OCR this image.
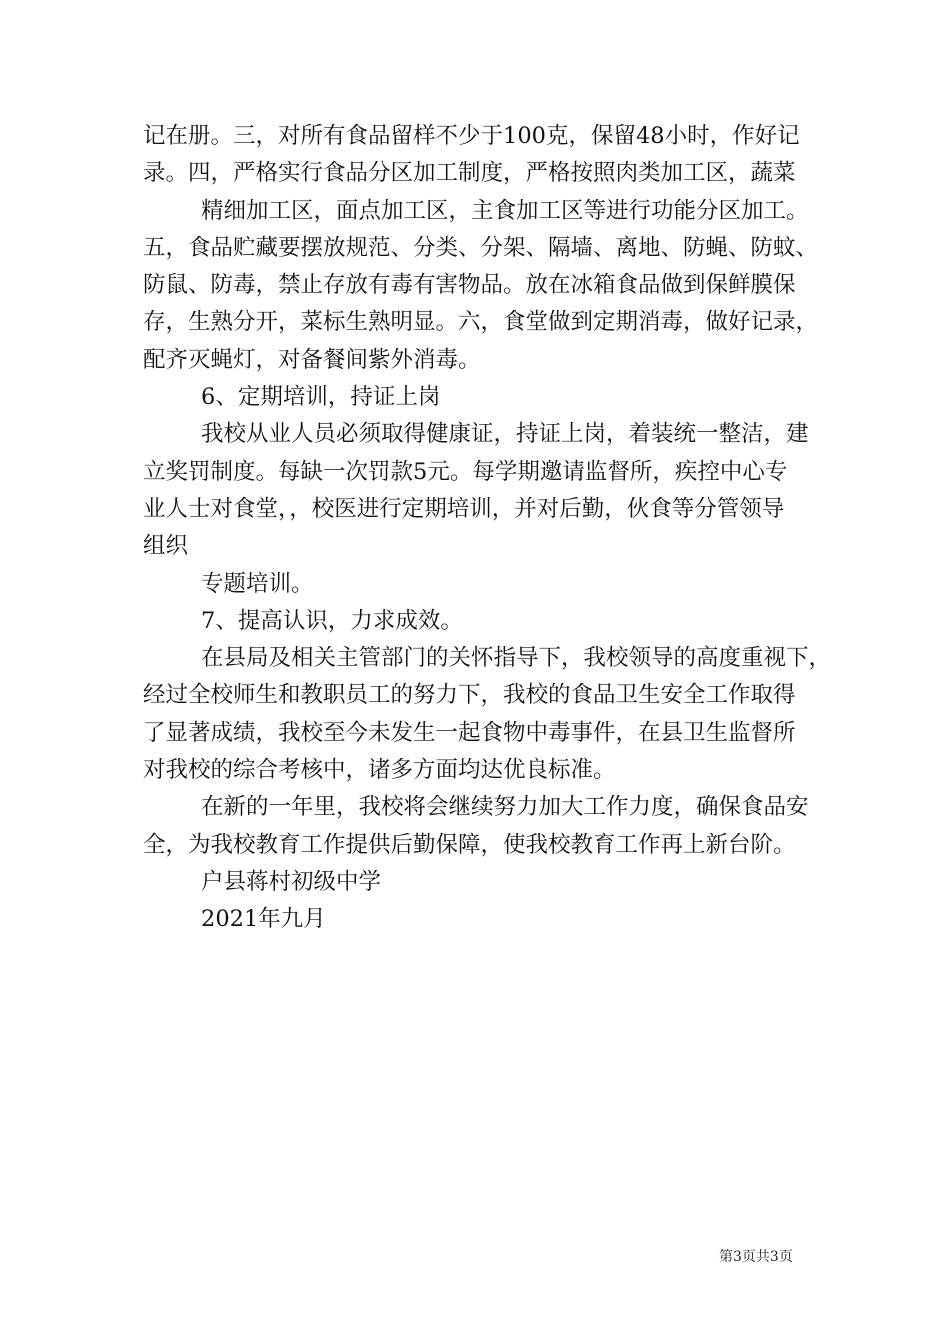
记在册。三，对所有食品留样不少于100克，保留48小时，作好记
录。四，严格实行食品分区加工制度，严格按照肉类加工区，蔬菜
精细加工区，面点加工区，主食加工区等进行功能分区加工。
五，食品贮藏要摆放规范、分类、分架、隔墙、离地、防蝇、防蚊、
防鼠、防毒，禁止存放有毒有害物品。放在冰箱食品做到保鲜膜保
存，生熟分开，菜标生熟明显。六，食堂做到定期消毒，做好记录，
配齐灭蝇灯，对备餐间紫外消毒。
6、定期培训，持证上岗
我校从业人员必须取得健康证，持证上岗，着装统一整洁，建
立奖罚制度。每缺一次罚款5元。每学期邀请监督所，疾控中心专
业人士对食堂，，校医进行定期培训，并对后勤，伙食等分管领导
组织
专题培训。
7、提高认识，力求成效。
在县局及相关主管部门的关怀指导下，我校领导的高度重视下，
经过全校师生和教职员工的努力下，我校的食品卫生安全工作取得
了显著成绩，我校至今未发生一起食物中毒事件，在县卫生监督所
对我校的综合考核中，诸多方面均达优良标准。
在新的一年里，我校将会继续努力加大工作力度，确保食品安
全，为我校教育工作提供后勤保障，使我校教育工作再上新台阶。
户县蒋村初级中学
2021年九月
第3页共3页
